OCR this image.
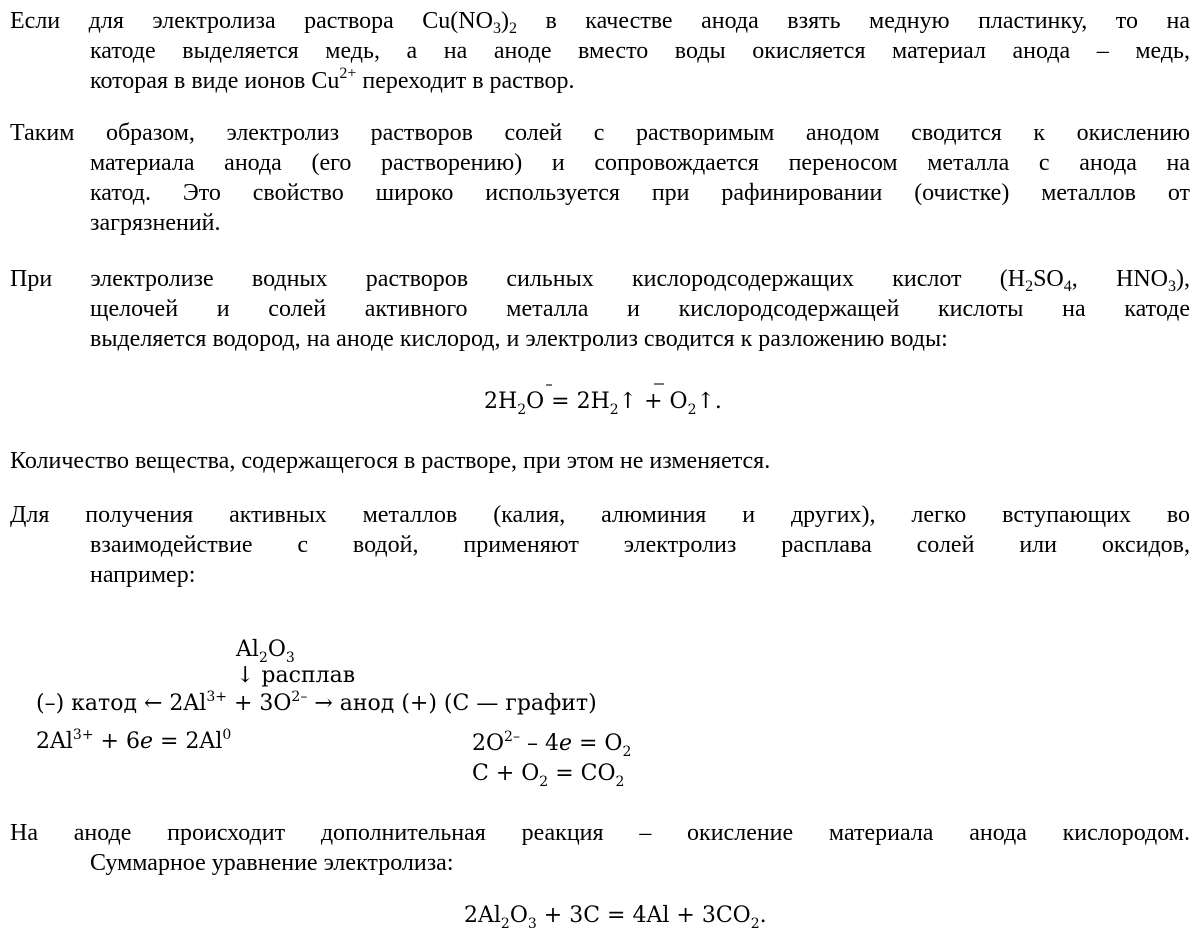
Если для электролиза раствора $Cu(NO_3)_2$ в качестве анода взять медную пластинку, то на
катоде выделяется медь, а на аноде вместо воды окисляется материал анода – медь,
которая в виде ионов $Cu^{2+}$ переходит в раствор.
Таким образом, электролиз растворов солей с растворимым анодом сводится к окислению
материала анода (его растворению) и сопровождается переносом металла с анода на
катод. Это свойство широко используется при рафинировании (очистке) металлов от
загрязнений.
При электролизе водных растворов сильных кислородсодержащих кислот ($H_2SO_4$, $HNO_3$),
щелочей и солей активного металла и кислородсодержащей кислоты на катоде
выделяется водород, на аноде кислород, и электролиз сводится к разложению воды:
$2H_2O$ = $2H_2↑$ + $O_2↑$.
Количество вещества, содержащегося в растворе, при этом не изменяется.
Для получения активных металлов (калия, алюминия и других), легко вступающих во
взаимодействие с водой, применяют электролиз расплава солей или оксидов,
например:
$Al_2O_3$
↓ расплав
(–) катод ← $2Al^{3+} + 3O^{2-}$ → анод (+) (C — графит)
$2Al^{3+} + 6e = 2Al^0$	$2O^{2-} - 4e = O_2$
$C + O_2 = CO_2$
На аноде происходит дополнительная реакция – окисление материала анода кислородом.
Суммарное уравнение электролиза:
$2Al_2O_3 + 3C = 4Al + 3CO_2$.
